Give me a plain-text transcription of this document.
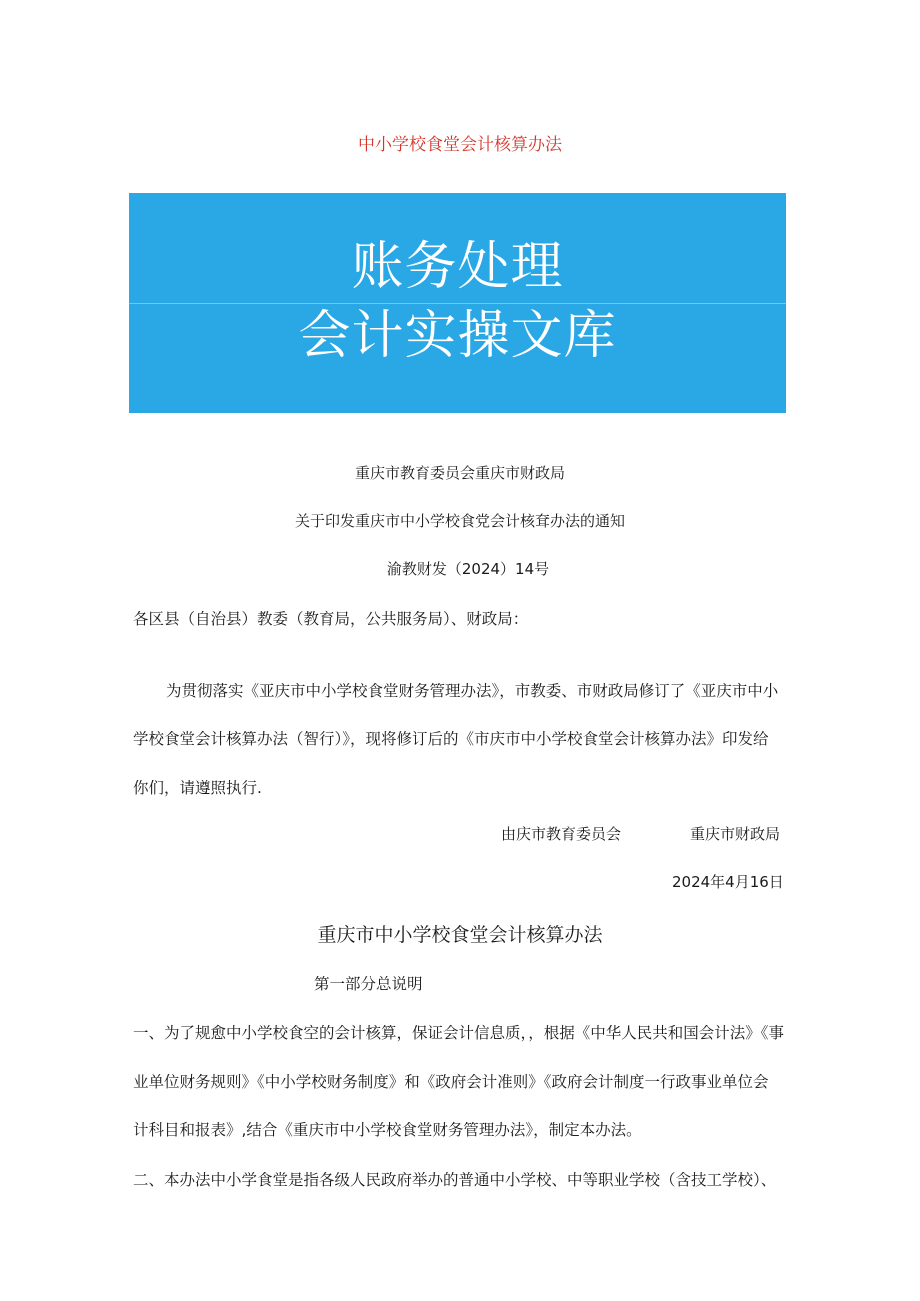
中小学校食堂会计核算办法
账务处理
会计实操文库
重庆市教育委员会重庆市财政局
关于印发重庆市中小学校食党会计核耷办法的通知
渝教财发（2024）14号
各区县（自治县）教委（教育局，公共服务局）、财政局：
为贯彻落实《亚庆市中小学校食堂财务管理办法》，市教委、市财政局修订了《亚庆市中小
学校食堂会计核算办法（智行）》，现将修订后的《市庆市中小学校食堂会计核算办法》印发给
你们，请遵照执行.
由庆市教育委员会	重庆市财政局
2024年4月16日
重庆市中小学校食堂会计核算办法
第一部分总说明
一、为了规愈中小学校食空的会计核算，保证会计信息质，，根据《中华人民共和国会计法》《事
业单位财务规则》《中小学校财务制度》和《政府会计准则》《政府会计制度一行政事业单位会
计科目和报表》,结合《重庆市中小学校食堂财务管理办法》，制定本办法。
二、本办法中小学食堂是指各级人民政府举办的普通中小学校、中等职业学校（含技工学校）、
